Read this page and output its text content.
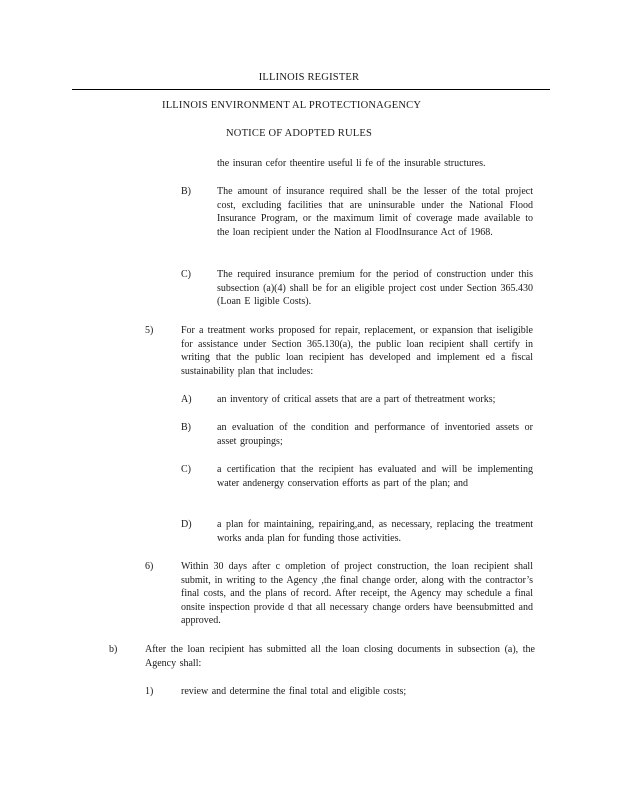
ILLINOIS REGISTER
ILLINOIS ENVIRONMENT AL PROTECTIONAGENCY
NOTICE OF ADOPTED RULES
the insuran cefor theentire useful li fe of the insurable structures.
B)	The amount of insurance required shall be the lesser of the total project cost, excluding facilities that are uninsurable under the National Flood Insurance Program, or the maximum limit of coverage made available to the loan recipient under the Nation al FloodInsurance Act of 1968.
C)	The required insurance premium for the period of construction under this subsection (a)(4) shall be for an eligible project cost under Section 365.430 (Loan E ligible Costs).
5)	For a treatment works proposed for repair, replacement, or expansion that iseligible for assistance under Section 365.130(a), the public loan recipient shall certify in writing that the public loan recipient has developed and implement ed a fiscal sustainability plan that includes:
A)	an inventory of critical assets that are a part of thetreatment works;
B)	an evaluation of the condition and performance of inventoried assets or asset groupings;
C)	a certification that the recipient has evaluated and will be implementing water andenergy conservation efforts as part of the plan; and
D)	a plan for maintaining, repairing,and, as necessary, replacing the treatment works anda plan for funding those activities.
6)	Within 30 days after c ompletion of project construction, the loan recipient shall submit, in writing to the Agency ,the final change order, along with the contractor’s final costs, and the plans of record. After receipt, the Agency may schedule a final onsite inspection provide d that all necessary change orders have beensubmitted and approved.
b)	After the loan recipient has submitted all the loan closing documents in subsection (a), the Agency shall:
1)	review and determine the final total and eligible costs;
